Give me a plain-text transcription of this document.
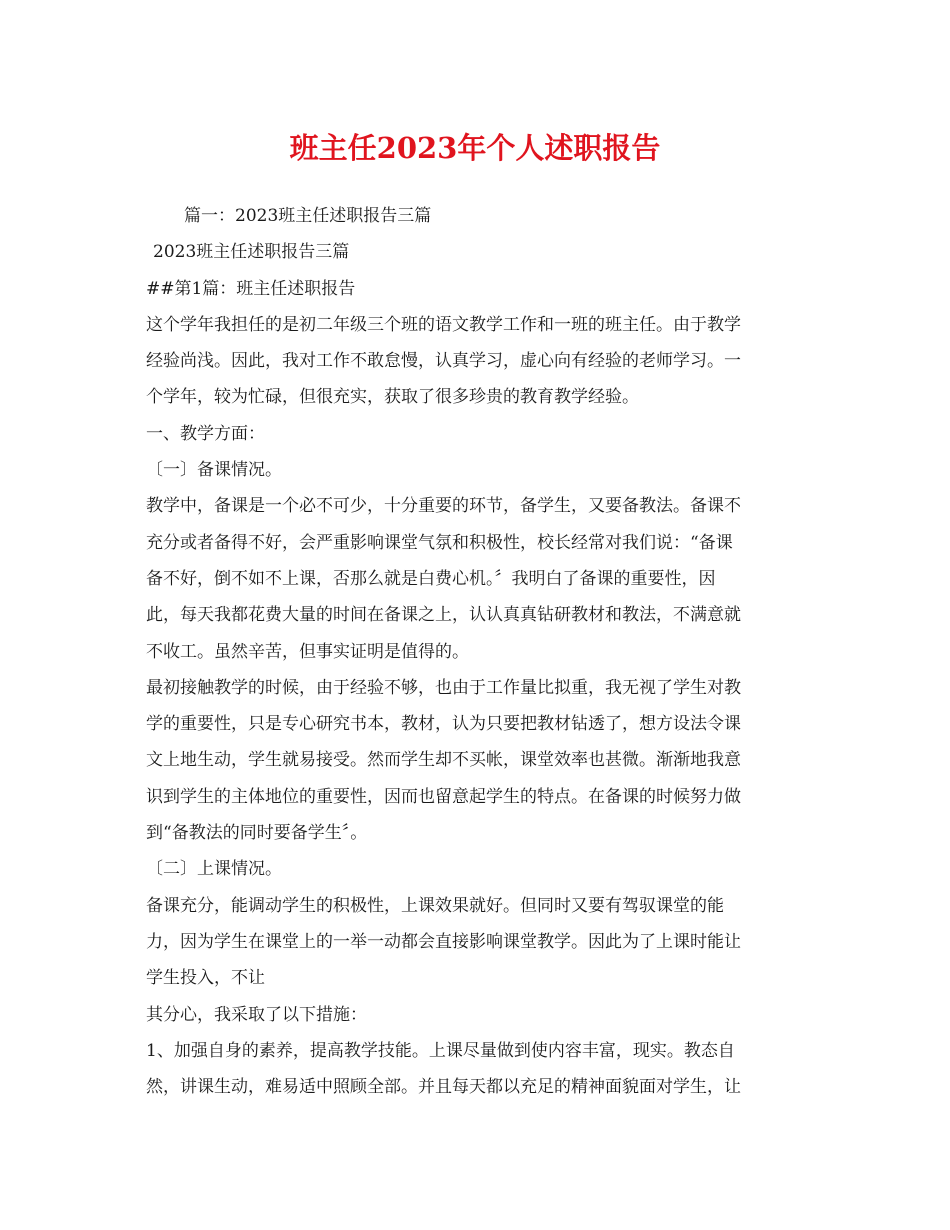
班主任2023年个人述职报告
篇一：2023班主任述职报告三篇
2023班主任述职报告三篇
##第1篇：班主任述职报告
这个学年我担任的是初二年级三个班的语文教学工作和一班的班主任。由于教学
经验尚浅。因此，我对工作不敢怠慢，认真学习，虚心向有经验的老师学习。一
个学年，较为忙碌，但很充实，获取了很多珍贵的教育教学经验。
一、教学方面：
〔一〕备课情况。
教学中，备课是一个必不可少，十分重要的环节，备学生，又要备教法。备课不
充分或者备得不好，会严重影响课堂气氛和积极性，校长经常对我们说：“备课
备不好，倒不如不上课，否那么就是白费心机。〞我明白了备课的重要性，因
此，每天我都花费大量的时间在备课之上，认认真真钻研教材和教法，不满意就
不收工。虽然辛苦，但事实证明是值得的。
最初接触教学的时候，由于经验不够，也由于工作量比拟重，我无视了学生对教
学的重要性，只是专心研究书本，教材，认为只要把教材钻透了，想方设法令课
文上地生动，学生就易接受。然而学生却不买帐，课堂效率也甚微。渐渐地我意
识到学生的主体地位的重要性，因而也留意起学生的特点。在备课的时候努力做
到“备教法的同时要备学生〞。
〔二〕上课情况。
备课充分，能调动学生的积极性，上课效果就好。但同时又要有驾驭课堂的能
力，因为学生在课堂上的一举一动都会直接影响课堂教学。因此为了上课时能让
学生投入，不让
其分心，我采取了以下措施：
1、加强自身的素养，提高教学技能。上课尽量做到使内容丰富，现实。教态自
然，讲课生动，难易适中照顾全部。并且每天都以充足的精神面貌面对学生，让
